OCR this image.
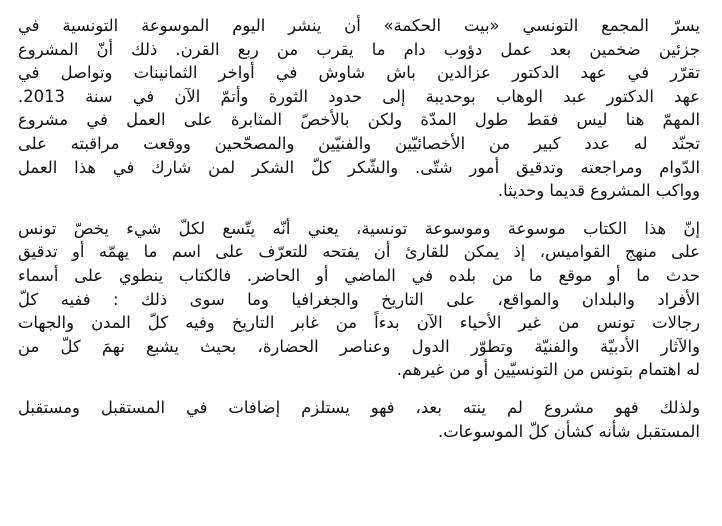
يسرّ المجمع التونسي «بيت الحكمة» أن ينشر اليوم الموسوعة التونسية في
جزئين ضخمين بعد عمل دؤوب دام ما يقرب من ربع القرن. ذلك أنّ المشروع
تقرّر في عهد الدكتور عزالدين باش شاوش في أواخر الثمانينات وتواصل في
عهد الدكتور عبد الوهاب بوحديبة إلى حدود الثورة وأتمّ الآن في سنة 2013.
المهمّ هنا ليس فقط طول المدّة ولكن بالأخصّ المثابرة على العمل في مشروع
تجنّد له عدد كبير من الأخصائيّين والفنيّين والمصحّحين ووقعت مراقبته على
الدّوام ومراجعته وتدقيق أمور شتّى. والشّكر كلّ الشكر لمن شارك في هذا العمل
وواكب المشروع قديما وحديثا.

إنّ هذا الكتاب موسوعة وموسوعة تونسية، يعني أنّه يتّسع لكلّ شيء يخصّ تونس
على منهج القواميس، إذ يمكن للقارئ أن يفتحه للتعرّف على اسم ما يهمّه أو تدقيق
حدث ما أو موقع ما من بلده في الماضي أو الحاضر. فالكتاب ينطوي على أسماء
الأفراد والبلدان والمواقع، على التاريخ والجغرافيا وما سوى ذلك : ففيه كلّ
رجالات تونس من غير الأحياء الآن بدءاً من غابر التاريخ وفيه كلّ المدن والجهات
والآثار الأدبيّة والفنيّة وتطوّر الدول وعناصر الحضارة، بحيث يشبع نهمَ كلّ من
له اهتمام بتونس من التونسيّين أو من غيرهم.

ولذلك فهو مشروع لم ينته بعد، فهو يستلزم إضافات في المستقبل ومستقبل
المستقبل شأنه كشأن كلّ الموسوعات.
